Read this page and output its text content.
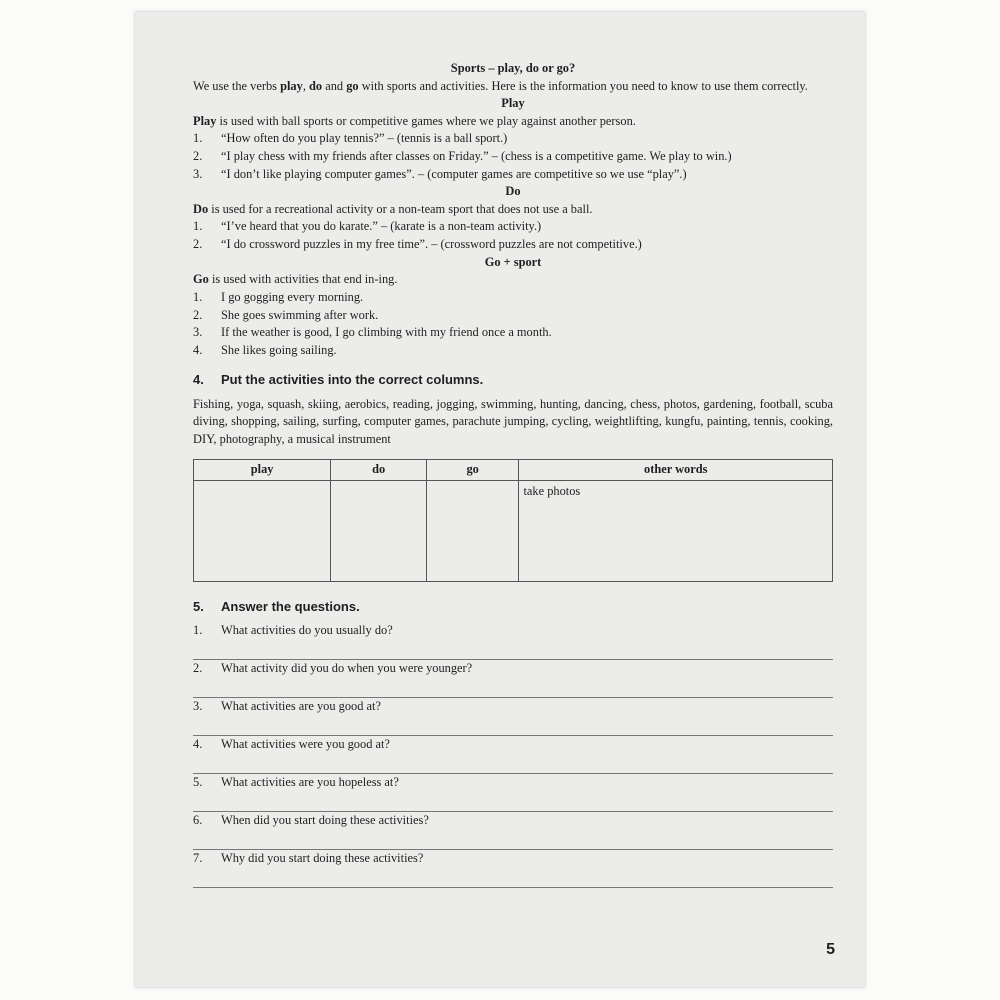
Sports – play, do or go?

We use the verbs play, do and go with sports and activities. Here is the information you need to know to use them correctly.

Play

Play is used with ball sports or competitive games where we play against another person.

1.	“How often do you play tennis?” – (tennis is a ball sport.)
2.	“I play chess with my friends after classes on Friday.” – (chess is a competitive game. We play to win.)
3.	“I don’t like playing computer games”. – (computer games are competitive so we use “play”.)

Do

Do is used for a recreational activity or a non-team sport that does not use a ball.

1.	“I’ve heard that you do karate.” – (karate is a non-team activity.)
2.	“I do crossword puzzles in my free time”. – (crossword puzzles are not competitive.)

Go + sport

Go is used with activities that end in-ing.

1.	I go gogging every morning.
2.	She goes swimming after work.
3.	If the weather is good, I go climbing with my friend once a month.
4.	She likes going sailing.
4.	Put the activities into the correct columns.

Fishing, yoga, squash, skiing, aerobics, reading, jogging, swimming, hunting, dancing, chess, photos, gardening, football, scuba diving, shopping, sailing, surfing, computer games, parachute jumping, cycling, weightlifting, kungfu, painting, tennis, cooking, DIY, photography, a musical instrument

play	do	go	other words
			take photos
5.	Answer the questions.
1.	What activities do you usually do?
2.	What activity did you do when you were younger?
3.	What activities are you good at?
4.	What activities were you good at?
5.	What activities are you hopeless at?
6.	When did you start doing these activities?
7.	Why did you start doing these activities?
5
